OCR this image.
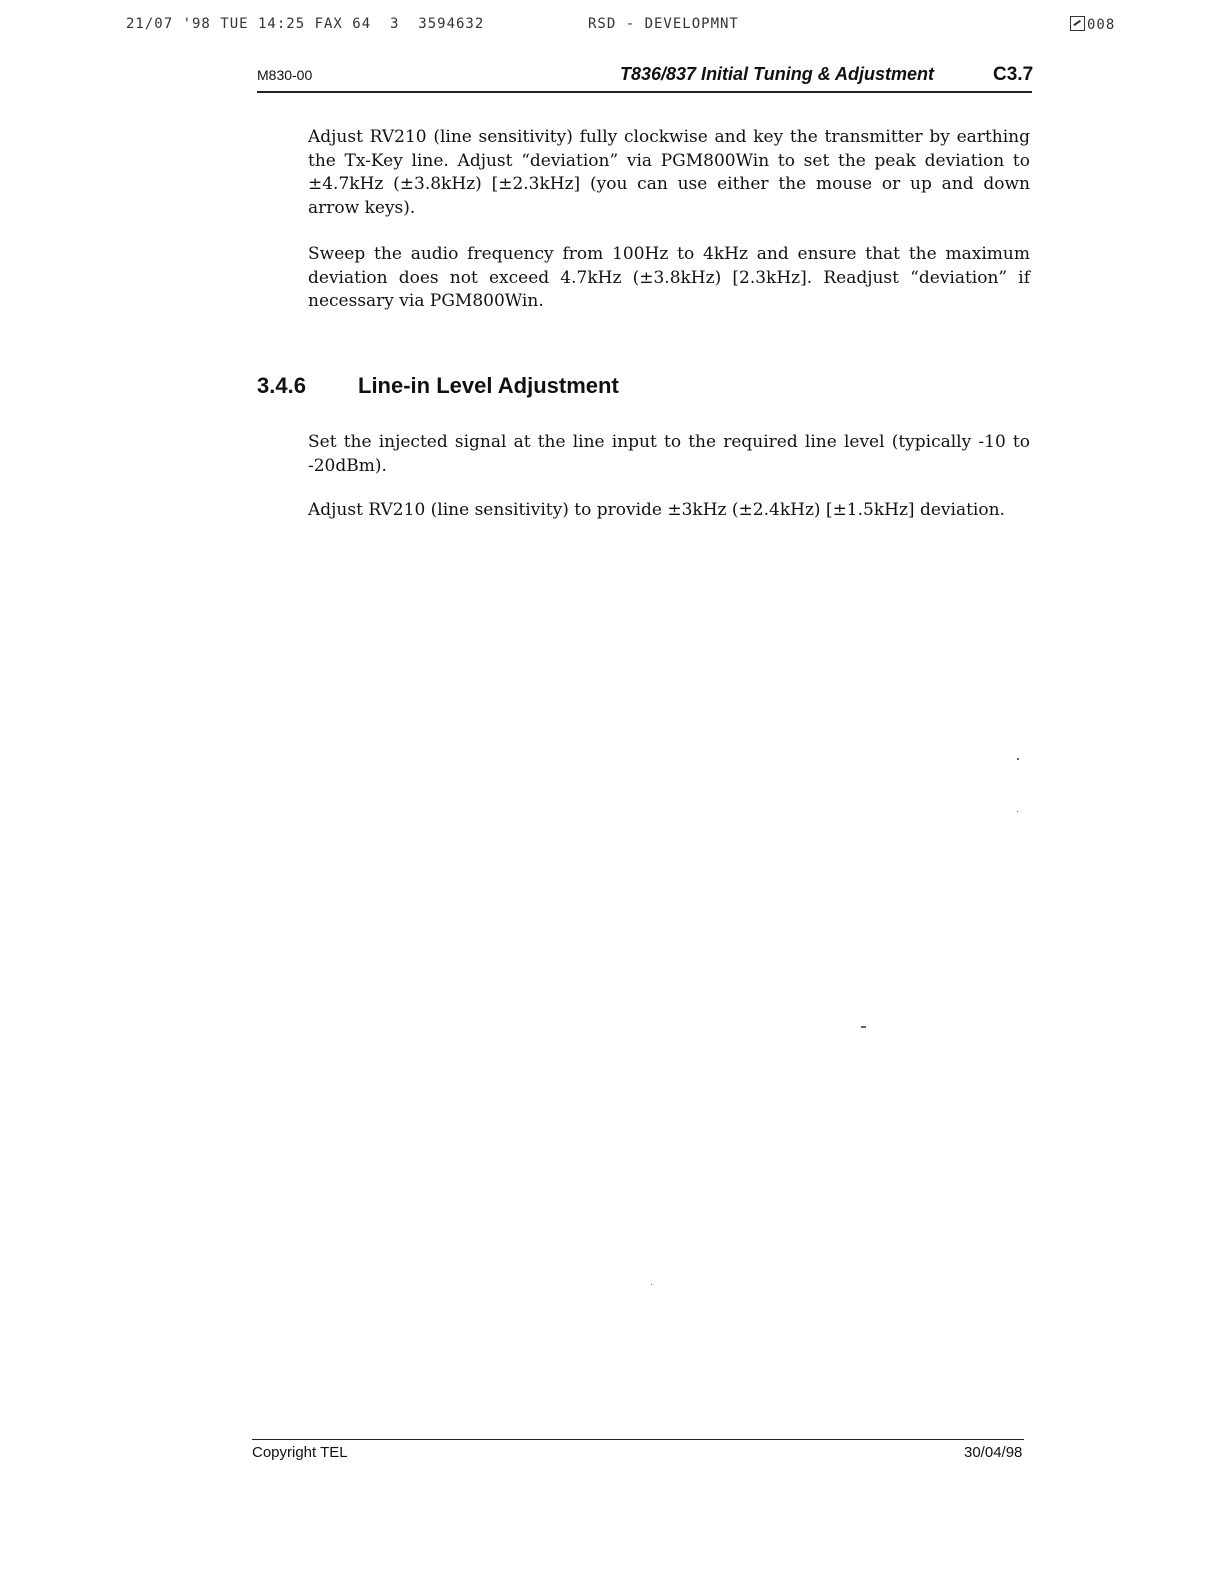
21/07 '98 TUE 14:25 FAX 64  3  3594632	RSD - DEVELOPMNT	008
M830-00	T836/837 Initial Tuning & Adjustment	C3.7

Adjust RV210 (line sensitivity) fully clockwise and key the transmitter by earthing the Tx-Key line. Adjust “deviation” via PGM800Win to set the peak deviation to ±4.7kHz (±3.8kHz) [±2.3kHz] (you can use either the mouse or up and down arrow keys).

Sweep the audio frequency from 100Hz to 4kHz and ensure that the maximum deviation does not exceed 4.7kHz (±3.8kHz) [2.3kHz]. Readjust “deviation” if necessary via PGM800Win.

3.4.6 Line-in Level Adjustment

Set the injected signal at the line input to the required line level (typically -10 to -20dBm).

Adjust RV210 (line sensitivity) to provide ±3kHz (±2.4kHz) [±1.5kHz] deviation.

Copyright TEL	30/04/98
